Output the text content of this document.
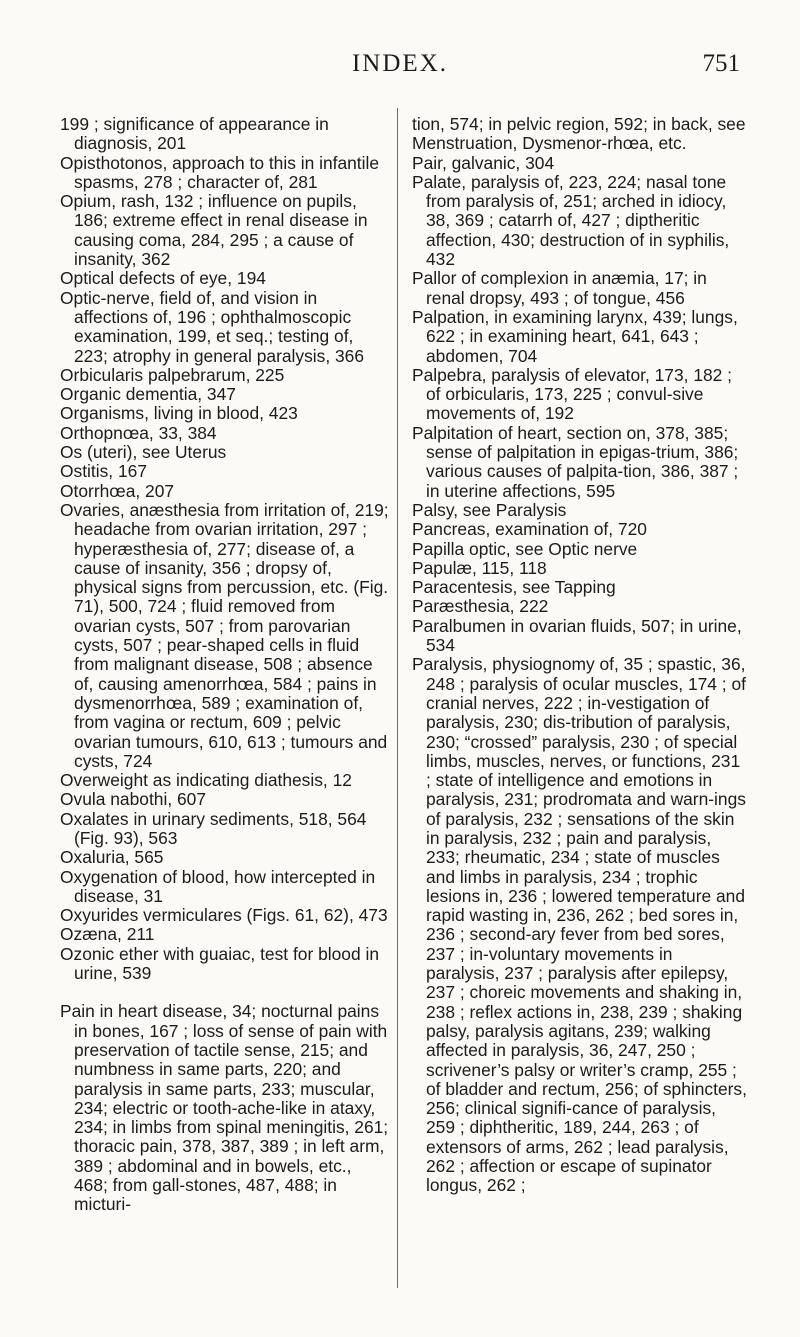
INDEX.	751

199 ; significance of appearance in diagnosis, 201

Opisthotonos, approach to this in infantile spasms, 278 ; character of, 281

Opium, rash, 132 ; influence on pupils, 186; extreme effect in renal disease in causing coma, 284, 295 ; a cause of insanity, 362

Optical defects of eye, 194

Optic-nerve, field of, and vision in affections of, 196 ; ophthalmoscopic examination, 199, et seq.; testing of, 223; atrophy in general paralysis, 366

Orbicularis palpebrarum, 225

Organic dementia, 347

Organisms, living in blood, 423

Orthopnœa, 33, 384

Os (uteri), see Uterus

Ostitis, 167

Otorrhœa, 207

Ovaries, anæsthesia from irritation of, 219; headache from ovarian irritation, 297 ; hyperæsthesia of, 277; disease of, a cause of insanity, 356 ; dropsy of, physical signs from percussion, etc. (Fig. 71), 500, 724 ; fluid removed from ovarian cysts, 507 ; from parovarian cysts, 507 ; pear-shaped cells in fluid from malignant disease, 508 ; absence of, causing amenorrhœa, 584 ; pains in dysmenorrhœa, 589 ; examination of, from vagina or rectum, 609 ; pelvic ovarian tumours, 610, 613 ; tumours and cysts, 724

Overweight as indicating diathesis, 12

Ovula nabothi, 607

Oxalates in urinary sediments, 518, 564 (Fig. 93), 563

Oxaluria, 565

Oxygenation of blood, how intercepted in disease, 31

Oxyurides vermiculares (Figs. 61, 62), 473

Ozæna, 211

Ozonic ether with guaiac, test for blood in urine, 539

Pain in heart disease, 34; nocturnal pains in bones, 167 ; loss of sense of pain with preservation of tactile sense, 215; and numbness in same parts, 220; and paralysis in same parts, 233; muscular, 234; electric or tooth-ache-like in ataxy, 234; in limbs from spinal meningitis, 261; thoracic pain, 378, 387, 389 ; in left arm, 389 ; abdominal and in bowels, etc., 468; from gall-stones, 487, 488; in micturi-

tion, 574; in pelvic region, 592; in back, see Menstruation, Dysmenor-rhœa, etc.

Pair, galvanic, 304

Palate, paralysis of, 223, 224; nasal tone from paralysis of, 251; arched in idiocy, 38, 369 ; catarrh of, 427 ; diptheritic affection, 430; destruction of in syphilis, 432

Pallor of complexion in anæmia, 17; in renal dropsy, 493 ; of tongue, 456

Palpation, in examining larynx, 439; lungs, 622 ; in examining heart, 641, 643 ; abdomen, 704

Palpebra, paralysis of elevator, 173, 182 ; of orbicularis, 173, 225 ; convul-sive movements of, 192

Palpitation of heart, section on, 378, 385; sense of palpitation in epigas-trium, 386; various causes of palpita-tion, 386, 387 ; in uterine affections, 595

Palsy, see Paralysis

Pancreas, examination of, 720

Papilla optic, see Optic nerve

Papulæ, 115, 118

Paracentesis, see Tapping

Paræsthesia, 222

Paralbumen in ovarian fluids, 507; in urine, 534

Paralysis, physiognomy of, 35 ; spastic, 36, 248 ; paralysis of ocular muscles, 174 ; of cranial nerves, 222 ; in-vestigation of paralysis, 230; dis-tribution of paralysis, 230; “crossed” paralysis, 230 ; of special limbs, muscles, nerves, or functions, 231 ; state of intelligence and emotions in paralysis, 231; prodromata and warn-ings of paralysis, 232 ; sensations of the skin in paralysis, 232 ; pain and paralysis, 233; rheumatic, 234 ; state of muscles and limbs in paralysis, 234 ; trophic lesions in, 236 ; lowered temperature and rapid wasting in, 236, 262 ; bed sores in, 236 ; second-ary fever from bed sores, 237 ; in-voluntary movements in paralysis, 237 ; paralysis after epilepsy, 237 ; choreic movements and shaking in, 238 ; reflex actions in, 238, 239 ; shaking palsy, paralysis agitans, 239; walking affected in paralysis, 36, 247, 250 ; scrivener’s palsy or writer’s cramp, 255 ; of bladder and rectum, 256; of sphincters, 256; clinical signifi-cance of paralysis, 259 ; diphtheritic, 189, 244, 263 ; of extensors of arms, 262 ; lead paralysis, 262 ; affection or escape of supinator longus, 262 ;
